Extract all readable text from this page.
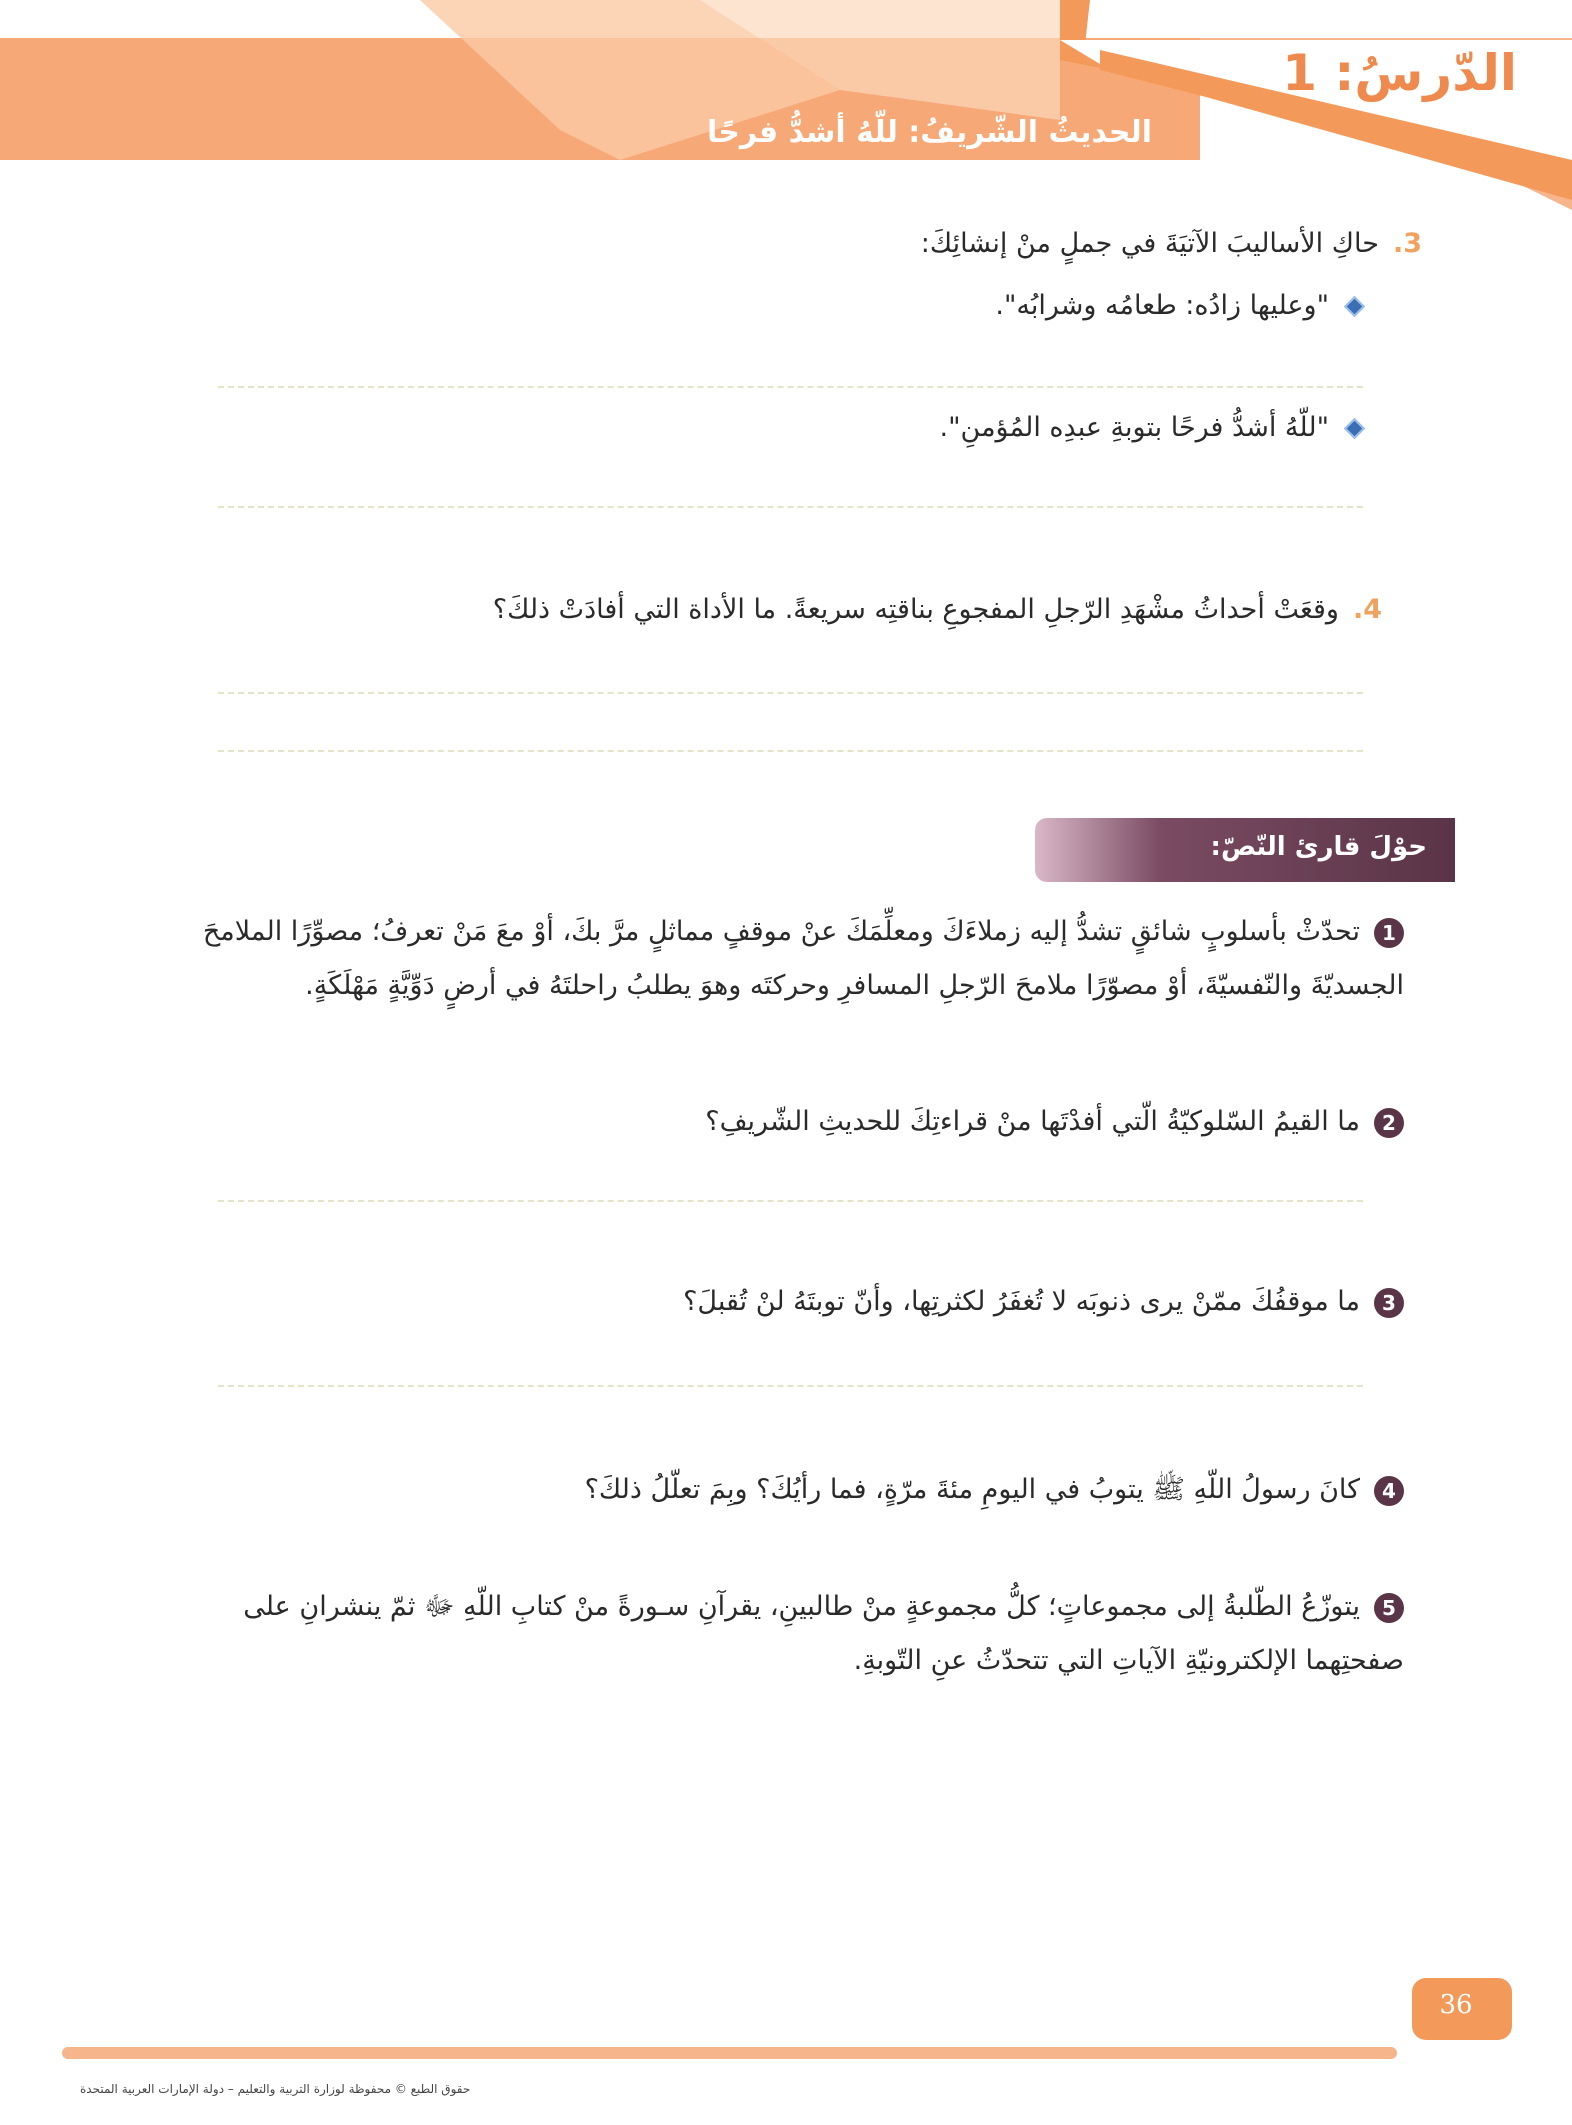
الدّرسُ: 1
الحديثُ الشّريفُ: للّهُ أشدُّ فرحًا
3.حاكِ الأساليبَ الآتيَةَ في جملٍ منْ إنشائِكَ:
"وعليها زادُه: طعامُه وشرابُه".
"للّهُ أشدُّ فرحًا بتوبةِ عبدِه المُؤمنِ".
4.وقعَتْ أحداثُ مشْهَدِ الرّجلِ المفجوعِ بناقتِه سريعةً. ما الأداة التي أفادَتْ ذلكَ؟
حوْلَ قارئ النّصّ:
1تحدّثْ بأسلوبٍ شائقٍ تشدُّ إليه زملاءَكَ ومعلِّمَكَ عنْ موقفٍ مماثلٍ مرَّ بكَ، أوْ معَ مَنْ تعرفُ؛ مصوِّرًا الملامحَ
الجسديّةَ والنّفسيّةَ، أوْ مصوّرًا ملامحَ الرّجلِ المسافرِ وحركتَه وهوَ يطلبُ راحلتَهُ في أرضٍ دَوِّيَّةٍ مَهْلَكَةٍ.
2ما القيمُ السّلوكيّةُ الّتي أفدْتَها منْ قراءتِكَ للحديثِ الشّريفِ؟
3ما موقفُكَ ممّنْ يرى ذنوبَه لا تُغفَرُ لكثرتِها، وأنّ توبتَهُ لنْ تُقبلَ؟
4كانَ رسولُ اللّهِ ﷺ يتوبُ في اليومِ مئةَ مرّةٍ، فما رأيُكَ؟ وبِمَ تعلّلُ ذلكَ؟
5يتوزّعُ الطّلبةُ إلى مجموعاتٍ؛ كلُّ مجموعةٍ منْ طالبينِ، يقرآنِ سـورةً منْ كتابِ اللّهِ ﷻ ثمّ ينشرانِ على
صفحتِهما الإلكترونيّةِ الآياتِ التي تتحدّثُ عنِ التّوبةِ.
36
حقوق الطبع © محفوظة لوزارة التربية والتعليم – دولة الإمارات العربية المتحدة
